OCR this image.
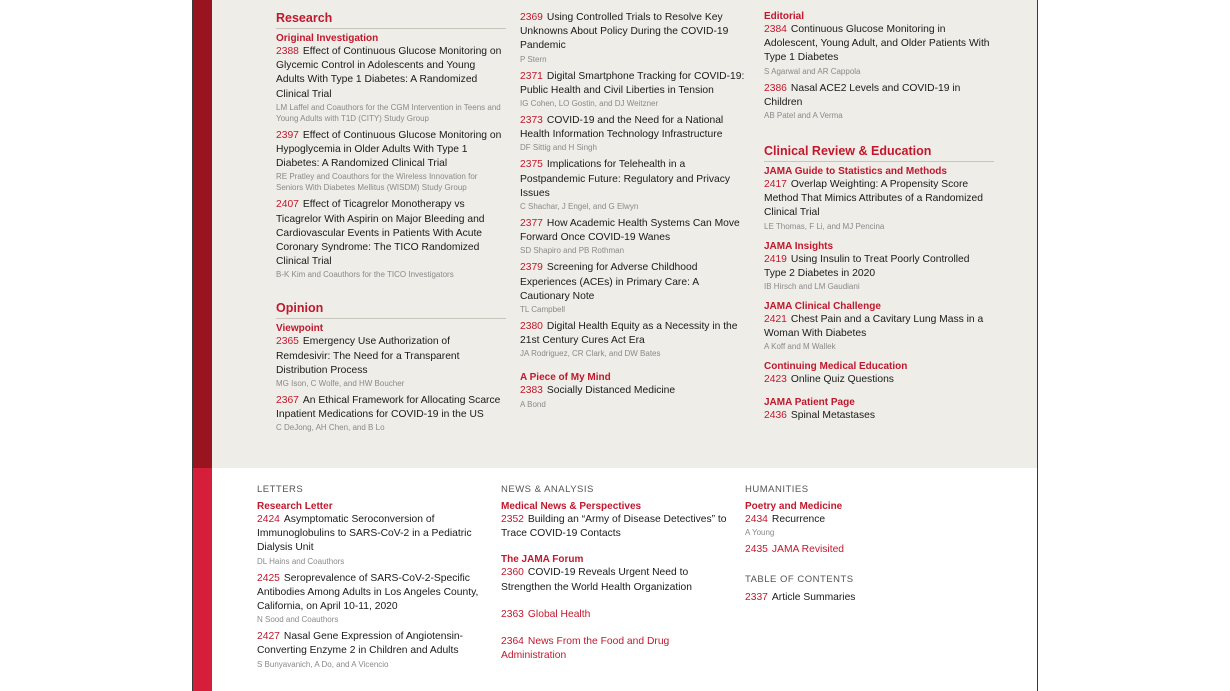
Research
Original Investigation
2388 Effect of Continuous Glucose Monitoring on Glycemic Control in Adolescents and Young Adults With Type 1 Diabetes: A Randomized Clinical Trial
LM Laffel and Coauthors for the CGM Intervention in Teens and Young Adults with T1D (CITY) Study Group
2397 Effect of Continuous Glucose Monitoring on Hypoglycemia in Older Adults With Type 1 Diabetes: A Randomized Clinical Trial
RE Pratley and Coauthors for the Wireless Innovation for Seniors With Diabetes Mellitus (WISDM) Study Group
2407 Effect of Ticagrelor Monotherapy vs Ticagrelor With Aspirin on Major Bleeding and Cardiovascular Events in Patients With Acute Coronary Syndrome: The TICO Randomized Clinical Trial
B-K Kim and Coauthors for the TICO Investigators
Opinion
Viewpoint
2365 Emergency Use Authorization of Remdesivir: The Need for a Transparent Distribution Process
MG Ison, C Wolfe, and HW Boucher
2367 An Ethical Framework for Allocating Scarce Inpatient Medications for COVID-19 in the US
C DeJong, AH Chen, and B Lo
2369 Using Controlled Trials to Resolve Key Unknowns About Policy During the COVID-19 Pandemic
P Stern
2371 Digital Smartphone Tracking for COVID-19: Public Health and Civil Liberties in Tension
IG Cohen, LO Gostin, and DJ Weitzner
2373 COVID-19 and the Need for a National Health Information Technology Infrastructure
DF Sittig and H Singh
2375 Implications for Telehealth in a Postpandemic Future: Regulatory and Privacy Issues
C Shachar, J Engel, and G Elwyn
2377 How Academic Health Systems Can Move Forward Once COVID-19 Wanes
SD Shapiro and PB Rothman
2379 Screening for Adverse Childhood Experiences (ACEs) in Primary Care: A Cautionary Note
TL Campbell
2380 Digital Health Equity as a Necessity in the 21st Century Cures Act Era
JA Rodriguez, CR Clark, and DW Bates
A Piece of My Mind
2383 Socially Distanced Medicine
A Bond
Editorial
2384 Continuous Glucose Monitoring in Adolescent, Young Adult, and Older Patients With Type 1 Diabetes
S Agarwal and AR Cappola
2386 Nasal ACE2 Levels and COVID-19 in Children
AB Patel and A Verma
Clinical Review & Education
JAMA Guide to Statistics and Methods
2417 Overlap Weighting: A Propensity Score Method That Mimics Attributes of a Randomized Clinical Trial
LE Thomas, F Li, and MJ Pencina
JAMA Insights
2419 Using Insulin to Treat Poorly Controlled Type 2 Diabetes in 2020
IB Hirsch and LM Gaudiani
JAMA Clinical Challenge
2421 Chest Pain and a Cavitary Lung Mass in a Woman With Diabetes
A Koff and M Wallek
Continuing Medical Education
2423 Online Quiz Questions
JAMA Patient Page
2436 Spinal Metastases
LETTERS
Research Letter
2424 Asymptomatic Seroconversion of Immunoglobulins to SARS-CoV-2 in a Pediatric Dialysis Unit
DL Hains and Coauthors
2425 Seroprevalence of SARS-CoV-2-Specific Antibodies Among Adults in Los Angeles County, California, on April 10-11, 2020
N Sood and Coauthors
2427 Nasal Gene Expression of Angiotensin-Converting Enzyme 2 in Children and Adults
S Bunyavanich, A Do, and A Vicencio
NEWS & ANALYSIS
Medical News & Perspectives
2352 Building an “Army of Disease Detectives” to Trace COVID-19 Contacts
The JAMA Forum
2360 COVID-19 Reveals Urgent Need to Strengthen the World Health Organization
2363 Global Health
2364 News From the Food and Drug Administration
HUMANITIES
Poetry and Medicine
2434 Recurrence
A Young
2435 JAMA Revisited
TABLE OF CONTENTS
2337 Article Summaries
